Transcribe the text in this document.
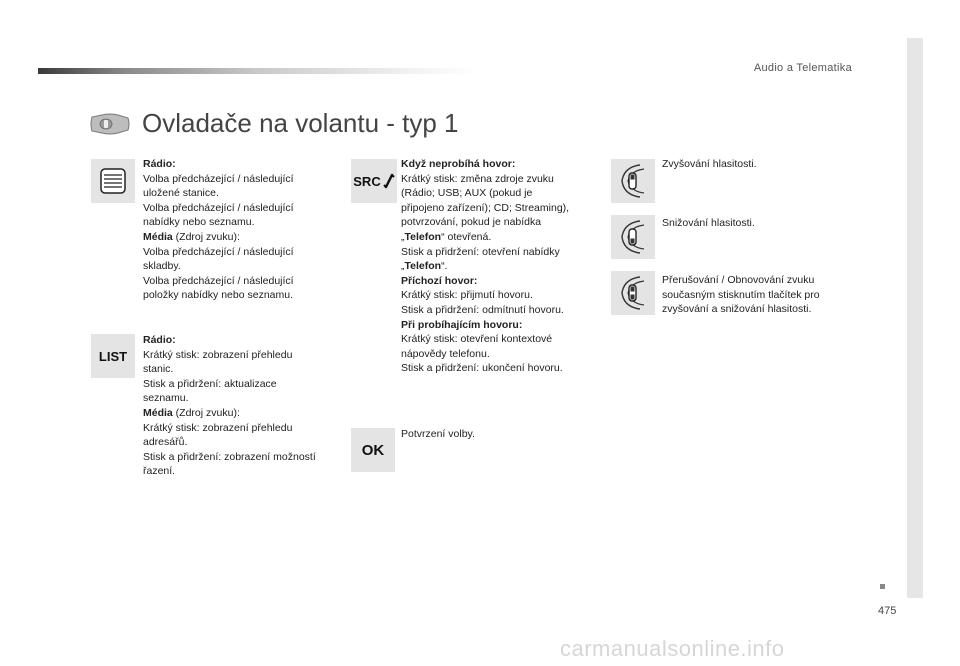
Audio a Telematika
475
Ovladače na volantu - typ 1
LIST
SRC
OK
Rádio:
Volba předcházející / následující
uložené stanice.
Volba předcházející / následující
nabídky nebo seznamu.
Média (Zdroj zvuku):
Volba předcházející / následující
skladby.
Volba předcházející / následující
položky nabídky nebo seznamu.
Rádio:
Krátký stisk: zobrazení přehledu
stanic.
Stisk a přidržení: aktualizace
seznamu.
Média (Zdroj zvuku):
Krátký stisk: zobrazení přehledu
adresářů.
Stisk a přidržení: zobrazení možností
řazení.
Když neprobíhá hovor:
Krátký stisk: změna zdroje zvuku
(Rádio; USB; AUX (pokud je
připojeno zařízení); CD; Streaming),
potvrzování, pokud je nabídka
„Telefon“ otevřená.
Stisk a přidržení: otevření nabídky
„Telefon“.
Příchozí hovor:
Krátký stisk: přijmutí hovoru.
Stisk a přidržení: odmítnutí hovoru.
Při probíhajícím hovoru:
Krátký stisk: otevření kontextové
nápovědy telefonu.
Stisk a přidržení: ukončení hovoru.
Potvrzení volby.
Zvyšování hlasitosti.
Snižování hlasitosti.
Přerušování / Obnovování zvuku
současným stisknutím tlačítek pro
zvyšování a snižování hlasitosti.
carmanualsonline.info
